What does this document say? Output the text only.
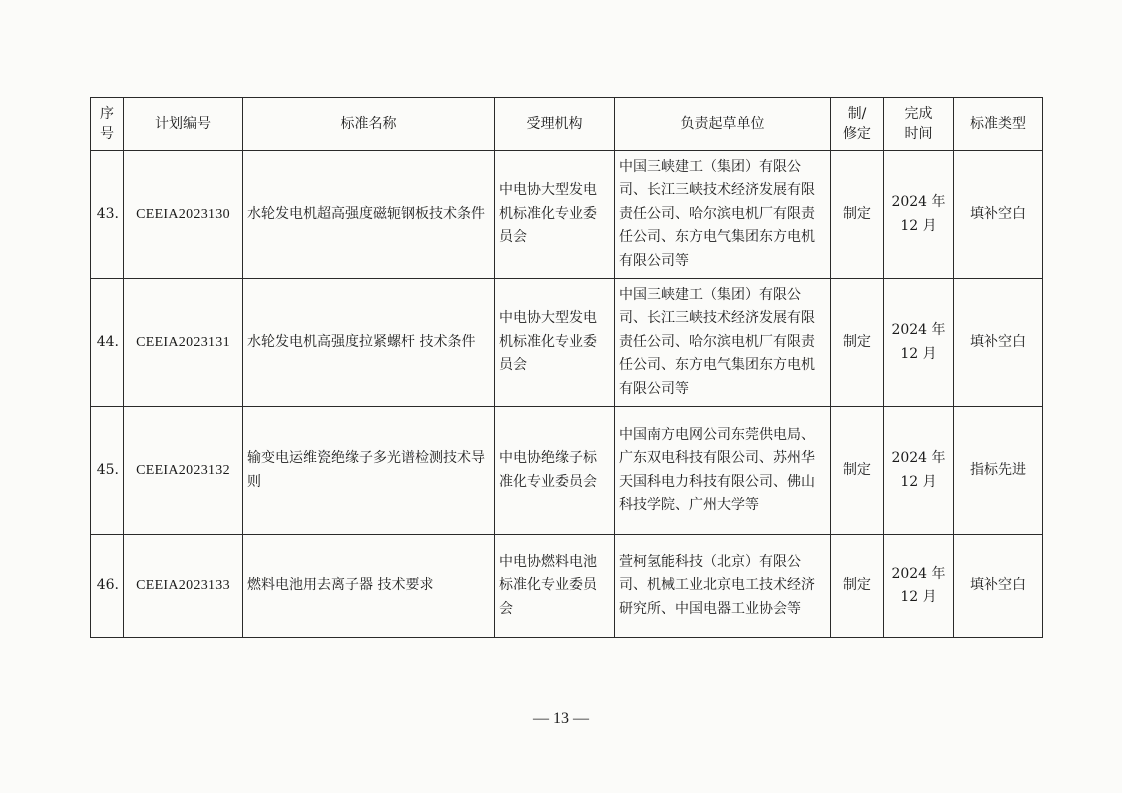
序
号	计划编号	标准名称	受理机构	负责起草单位	制/
修定	完成
时间	标准类型

43.	CEEIA2023130	水轮发电机超高强度磁轭钢板技术条件	中电协大型发电机标准化专业委员会	中国三峡建工（集团）有限公司、长江三峡技术经济发展有限责任公司、哈尔滨电机厂有限责任公司、东方电气集团东方电机有限公司等	制定	2024 年
12 月	填补空白
44.	CEEIA2023131	水轮发电机高强度拉紧螺杆 技术条件	中电协大型发电机标准化专业委员会	中国三峡建工（集团）有限公司、长江三峡技术经济发展有限责任公司、哈尔滨电机厂有限责任公司、东方电气集团东方电机有限公司等	制定	2024 年
12 月	填补空白
45.	CEEIA2023132	输变电运维瓷绝缘子多光谱检测技术导则	中电协绝缘子标准化专业委员会	中国南方电网公司东莞供电局、广东双电科技有限公司、苏州华天国科电力科技有限公司、佛山科技学院、广州大学等	制定	2024 年
12 月	指标先进
46.	CEEIA2023133	燃料电池用去离子器 技术要求	中电协燃料电池标准化专业委员会	萱柯氢能科技（北京）有限公司、机械工业北京电工技术经济研究所、中国电器工业协会等	制定	2024 年
12 月	填补空白
— 13 —
